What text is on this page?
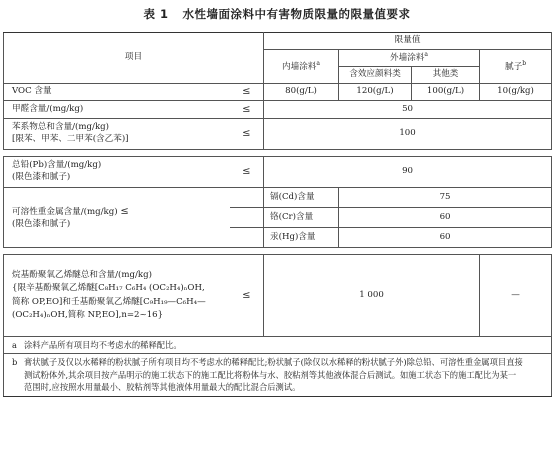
表 1 水性墙面涂料中有害物质限量的限量值要求
项目		限量值			
		内墙涂料$^a$	外墙涂料$^a$		腻子$^b$
			含效应颜料类	其他类	
VOC 含量	≤	80(g/L)	120(g/L)	100(g/L)	10(g/kg)
甲醛含量/(mg/kg)	≤	50			

苯系物总和含量/(mg/kg)
[限苯、甲苯、二甲苯(含乙苯)]	≤	100			

总铅(Pb)含量/(mg/kg)
(限色漆和腻子)	≤	90			

可溶性重金属含量/(mg/kg) ≤
(限色漆和腻子)		镉(Cd)含量	75		
		铬(Cr)含量	60		
		汞(Hg)含量	60		

烷基酚聚氧乙烯醚总和含量/(mg/kg)
{限辛基酚聚氧乙烯醚[C₈H₁₇ C₆H₄ (OC₂H₄)ₙOH,
简称 OP,EO]和壬基酚聚氧乙烯醚[C₉H₁₉—C₆H₄—
(OC₂H₄)ₙOH,简称 NP,EO],n=2~16}	≤	1 000			—
a 涂料产品所有项目均不考虑水的稀释配比。					
b 膏状腻子及仅以水稀释的粉状腻子所有项目均不考虑水的稀释配比;粉状腻子(除仅以水稀释的粉状腻子外)除总铅、可溶性重金属项目直接测试粉体外,其余项目按产品明示的施工状态下的施工配比将粉体与水、胶粘剂等其他液体混合后测试。如施工状态下的施工配比为某一范围时,应按照水用量最小、胶粘剂等其他液体用量最大的配比混合后测试。					
